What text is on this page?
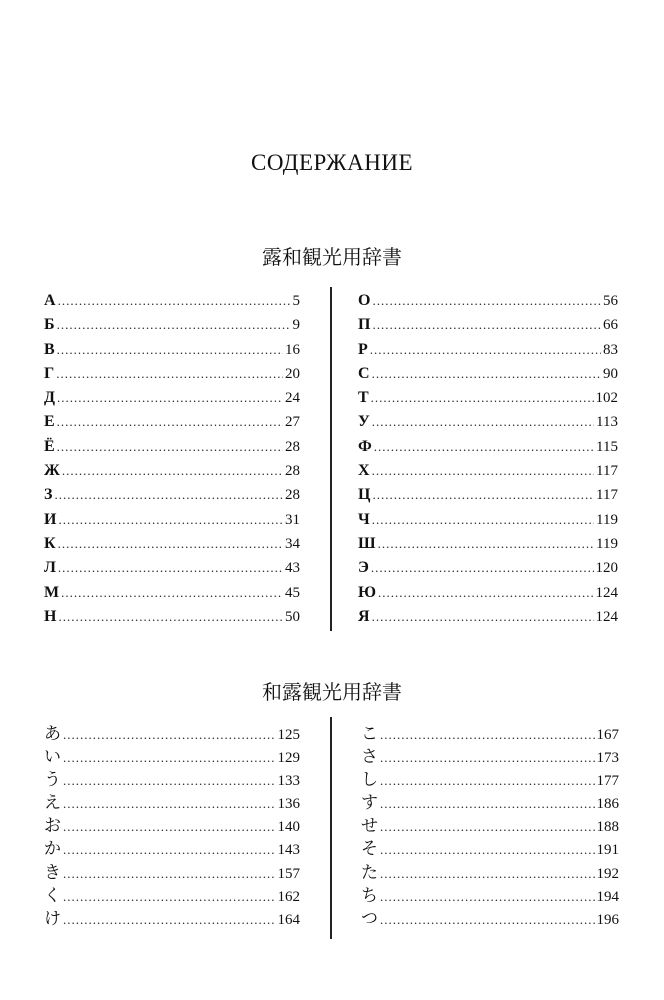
СОДЕРЖАНИЕ
露和観光用辞書
А .....	5
Б .....	9
В .....	16
Г .....	20
Д .....	24
Е .....	27
Ё .....	28
Ж .....	28
З .....	28
И .....	31
К .....	34
Л .....	43
М .....	45
Н .....	50
О .....	56
П .....	66
Р .....	83
С .....	90
Т .....	102
У .....	113
Ф .....	115
Х .....	117
Ц .....	117
Ч .....	119
Ш .....	119
Э .....	120
Ю .....	124
Я .....	124
和露観光用辞書
あ .....	125
い .....	129
う .....	133
え .....	136
お .....	140
か .....	143
き .....	157
く .....	162
け .....	164
こ .....	167
さ .....	173
し .....	177
す .....	186
せ .....	188
そ .....	191
た .....	192
ち .....	194
つ .....	196
